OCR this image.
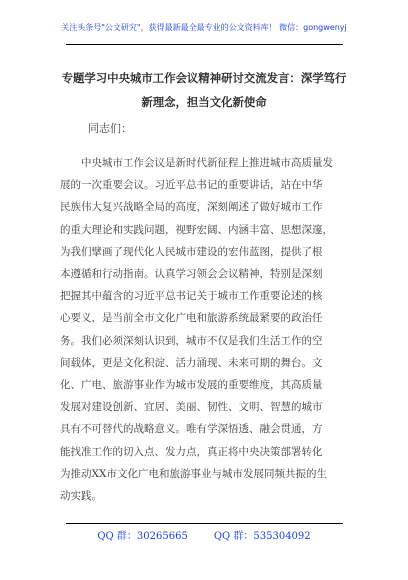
关注头条号"公文研究"，获得最新最全最专业的公文资料库！ 微信：gongwenyj
专题学习中央城市工作会议精神研讨交流发言：深学笃行
新理念，担当文化新使命
同志们：

　　中央城市工作会议是新时代新征程上推进城市高质量发

展的一次重要会议。习近平总书记的重要讲话，站在中华

民族伟大复兴战略全局的高度，深刻阐述了做好城市工作

的重大理论和实践问题，视野宏阔、内涵丰富、思想深邃，

为我们擘画了现代化人民城市建设的宏伟蓝图，提供了根

本遵循和行动指南。认真学习领会会议精神，特别是深刻

把握其中蕴含的习近平总书记关于城市工作重要论述的核

心要义，是当前全市文化广电和旅游系统最紧要的政治任

务。我们必须深刻认识到，城市不仅是我们生活工作的空

间载体，更是文化积淀、活力涌现、未来可期的舞台。文

化、广电、旅游事业作为城市发展的重要维度，其高质量

发展对建设创新、宜居、美丽、韧性、文明、智慧的城市

具有不可替代的战略意义。唯有学深悟透、融会贯通，方

能找准工作的切入点、发力点，真正将中央决策部署转化

为推动XX市文化广电和旅游事业与城市发展同频共振的生

动实践。

QQ 群：30265665	QQ 群：535304092
